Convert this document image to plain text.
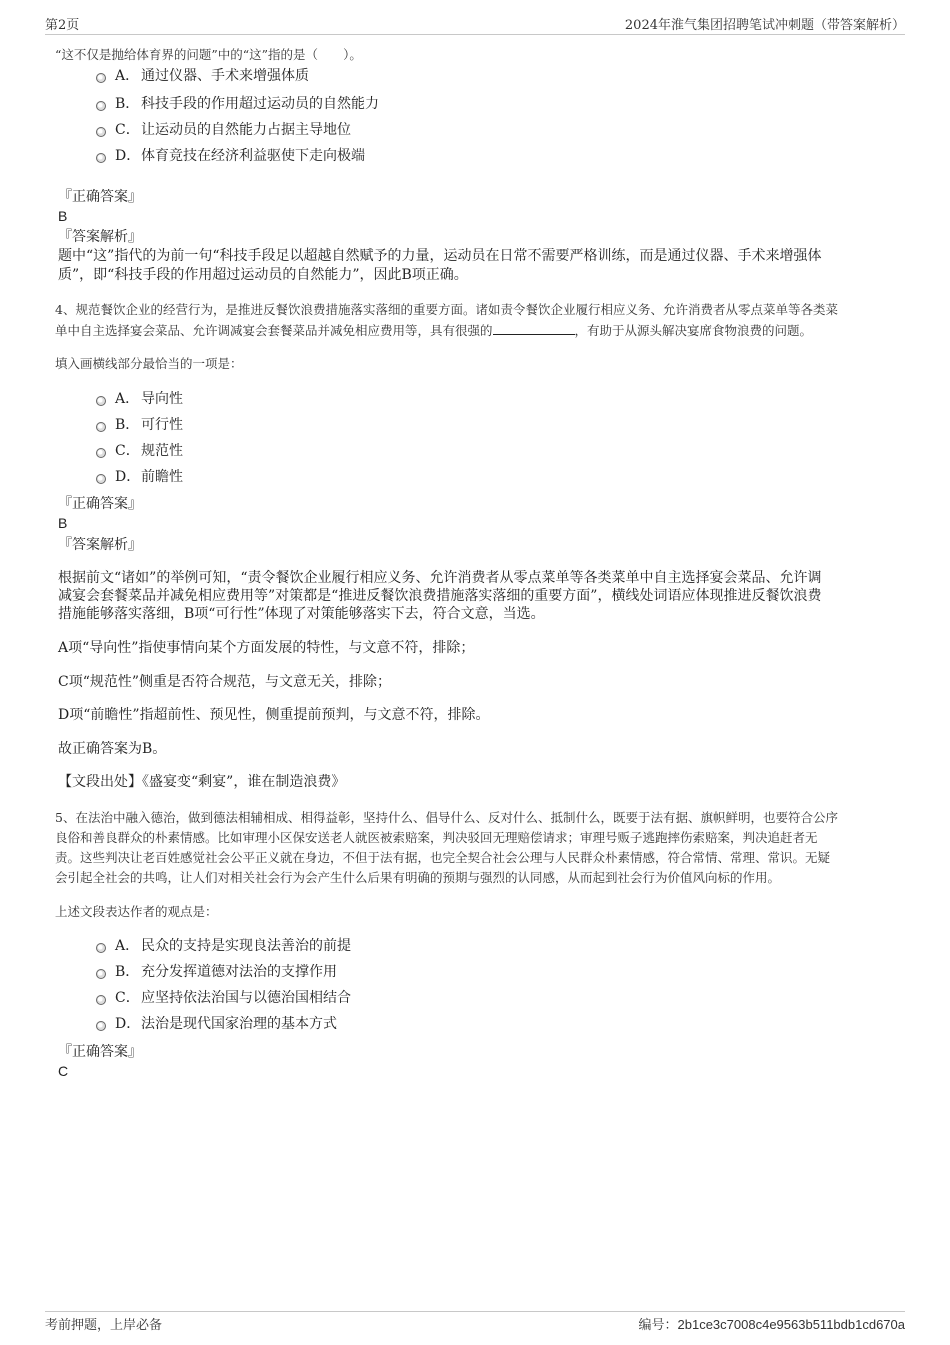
第2页	2024年淮气集团招聘笔试冲刺题（带答案解析）
“这不仅是抛给体育界的问题”中的“这”指的是（　　）。
A． 通过仪器、手术来增强体质
B． 科技手段的作用超过运动员的自然能力
C．让运动员的自然能力占据主导地位
D．体育竞技在经济利益驱使下走向极端
『正确答案』
B
『答案解析』
题中“这”指代的为前一句“科技手段足以超越自然赋予的力量，运动员在日常不需要严格训练，而是通过仪器、手术来增强体
质”，即“科技手段的作用超过运动员的自然能力”，因此B项正确。
4、规范餐饮企业的经营行为，是推进反餐饮浪费措施落实落细的重要方面。诸如责令餐饮企业履行相应义务、允许消费者从零点菜单等各类菜
单中自主选择宴会菜品、允许调减宴会套餐菜品并减免相应费用等，具有很强的	，有助于从源头解决宴席食物浪费的问题。
填入画横线部分最恰当的一项是：
A． 导向性
B． 可行性
C．规范性
D．前瞻性
『正确答案』
B
『答案解析』
根据前文“诸如”的举例可知，“责令餐饮企业履行相应义务、允许消费者从零点菜单等各类菜单中自主选择宴会菜品、允许调
减宴会套餐菜品并减免相应费用等”对策都是“推进反餐饮浪费措施落实落细的重要方面”，横线处词语应体现推进反餐饮浪费
措施能够落实落细，B项“可行性”体现了对策能够落实下去，符合文意，当选。
A项“导向性”指使事情向某个方面发展的特性，与文意不符，排除；
C项“规范性”侧重是否符合规范，与文意无关，排除；
D项“前瞻性”指超前性、预见性，侧重提前预判，与文意不符，排除。
故正确答案为B。
【文段出处】《盛宴变“剩宴”，谁在制造浪费》
5、在法治中融入德治，做到德法相辅相成、相得益彰，坚持什么、倡导什么、反对什么、抵制什么，既要于法有据、旗帜鲜明，也要符合公序
良俗和善良群众的朴素情感。比如审理小区保安送老人就医被索赔案，判决驳回无理赔偿请求；审理号贩子逃跑摔伤索赔案，判决追赶者无
责。这些判决让老百姓感觉社会公平正义就在身边，不但于法有据，也完全契合社会公理与人民群众朴素情感，符合常情、常理、常识。无疑
会引起全社会的共鸣，让人们对相关社会行为会产生什么后果有明确的预期与强烈的认同感，从而起到社会行为价值风向标的作用。
上述文段表达作者的观点是：
A． 民众的支持是实现良法善治的前提
B． 充分发挥道德对法治的支撑作用
C．应坚持依法治国与以德治国相结合
D．法治是现代国家治理的基本方式
『正确答案』
C
考前押题，上岸必备	编号：2b1ce3c7008c4e9563b511bdb1cd670a
